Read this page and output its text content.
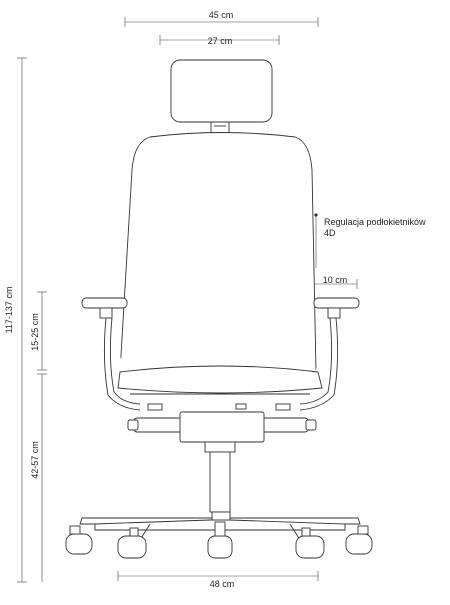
45 cm
27 cm
117-137 cm 15-25 cm
42-57 cm
48 cm
Regulacja podłokietników
4D
10 cm
